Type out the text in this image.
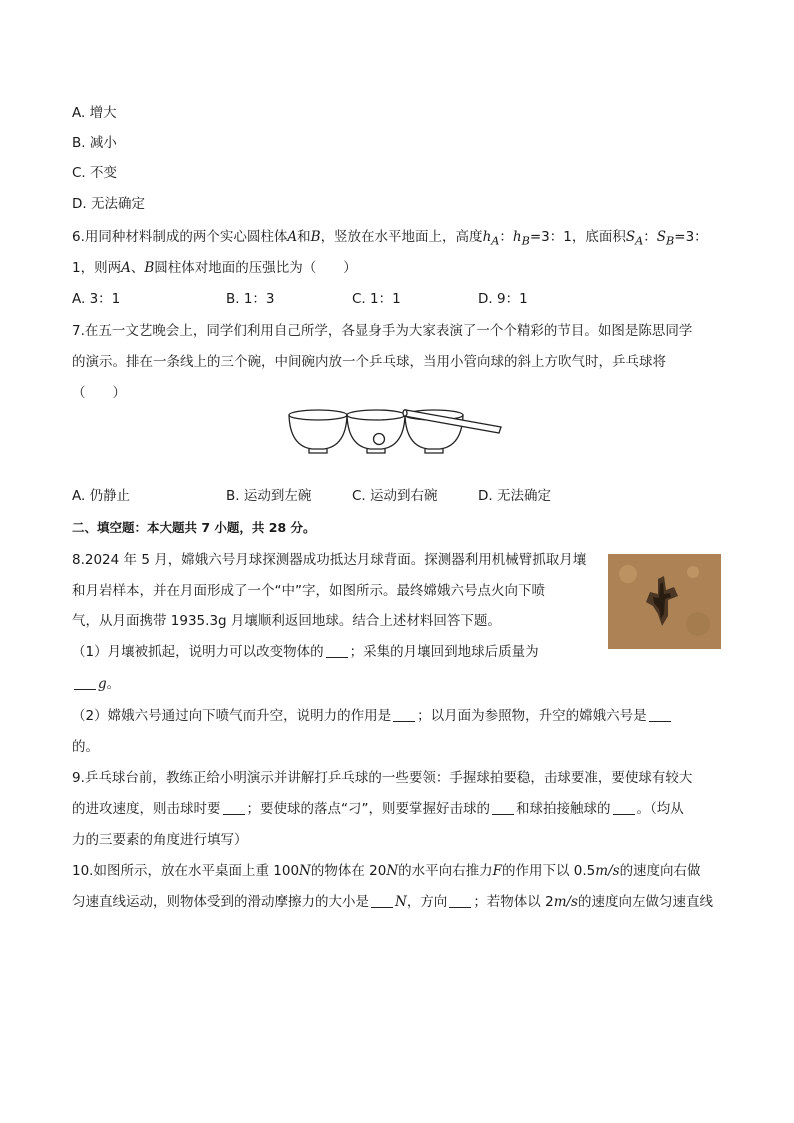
A. 增大
B. 减小
C. 不变
D. 无法确定
6.用同种材料制成的两个实心圆柱体A和B，竖放在水平地面上，高度$h_A$：$h_B=3$：1，底面积$S_A$：$S_B=3$：
1，则两A、B圆柱体对地面的压强比为（　　）
A. 3：1	B. 1：3	C. 1：1	D. 9：1
7.在五一文艺晚会上，同学们利用自己所学，各显身手为大家表演了一个个精彩的节目。如图是陈思同学
的演示。排在一条线上的三个碗，中间碗内放一个乒乓球，当用小管向球的斜上方吹气时，乒乓球将
（　　）
A. 仍静止	B. 运动到左碗	C. 运动到右碗	D. 无法确定
二、填空题：本大题共 7 小题，共 28 分。
8.2024 年 5 月，嫦娥六号月球探测器成功抵达月球背面。探测器利用机械臂抓取月壤
和月岩样本，并在月面形成了一个“中”字，如图所示。最终嫦娥六号点火向下喷
气，从月面携带 1935.3g 月壤顺利返回地球。结合上述材料回答下题。
（1）月壤被抓起，说明力可以改变物体的 ；采集的月壤回到地球后质量为
g。
（2）嫦娥六号通过向下喷气而升空，说明力的作用是 ；以月面为参照物，升空的嫦娥六号是
的。
9.乒乓球台前，教练正给小明演示并讲解打乒乓球的一些要领：手握球拍要稳，击球要准，要使球有较大
的进攻速度，则击球时要 ；要使球的落点“刁”，则要掌握好击球的 和球拍接触球的 。（均从
力的三要素的角度进行填写）
10.如图所示，放在水平桌面上重 100N的物体在 20N的水平向右推力F的作用下以 0.5m/s的速度向右做
匀速直线运动，则物体受到的滑动摩擦力的大小是 N，方向 ；若物体以 2m/s的速度向左做匀速直线
